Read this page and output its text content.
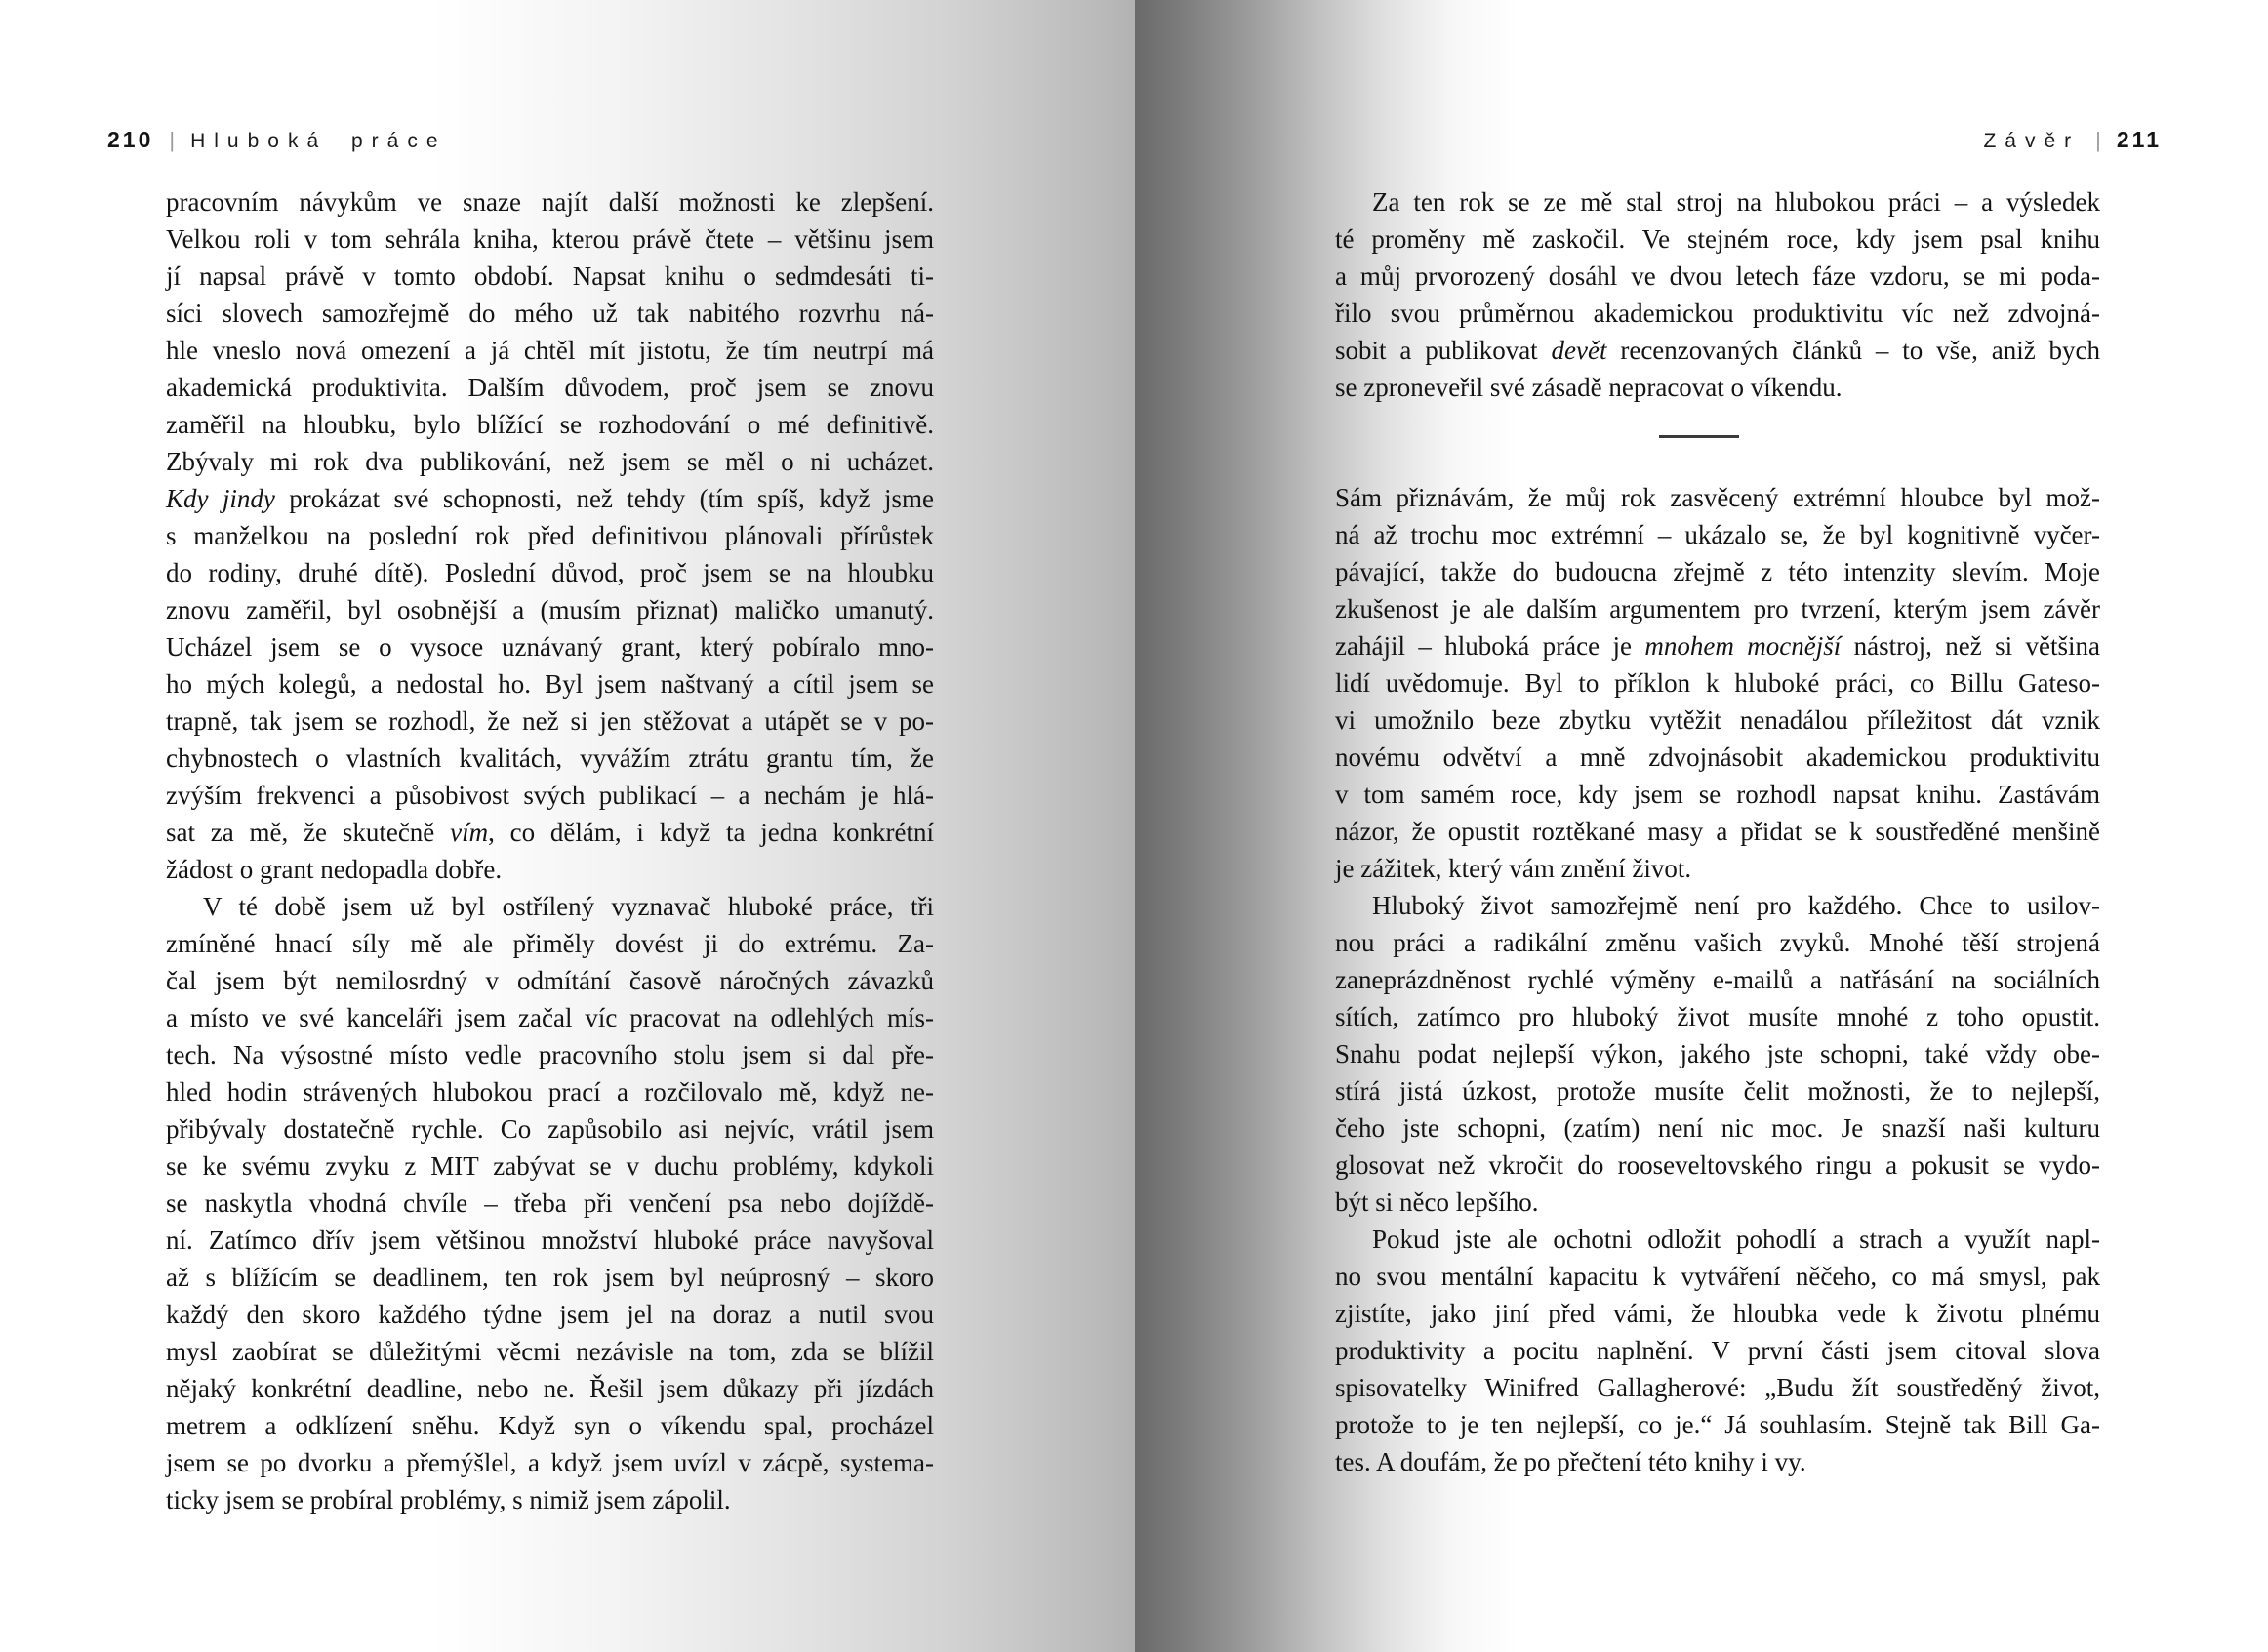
210 | Hluboká práce	Závěr | 211
pracovním návykům ve snaze najít další možnosti ke zlepšení.
Velkou roli v tom sehrála kniha, kterou právě čtete – většinu jsem
jí napsal právě v tomto období. Napsat knihu o sedmdesáti ti-
síci slovech samozřejmě do mého už tak nabitého rozvrhu ná-
hle vneslo nová omezení a já chtěl mít jistotu, že tím neutrpí má
akademická produktivita. Dalším důvodem, proč jsem se znovu
zaměřil na hloubku, bylo blížící se rozhodování o mé definitivě.
Zbývaly mi rok dva publikování, než jsem se měl o ni ucházet.
Kdy jindy prokázat své schopnosti, než tehdy (tím spíš, když jsme
s manželkou na poslední rok před definitivou plánovali přírůstek
do rodiny, druhé dítě). Poslední důvod, proč jsem se na hloubku
znovu zaměřil, byl osobnější a (musím přiznat) maličko umanutý.
Ucházel jsem se o vysoce uznávaný grant, který pobíralo mno-
ho mých kolegů, a nedostal ho. Byl jsem naštvaný a cítil jsem se
trapně, tak jsem se rozhodl, že než si jen stěžovat a utápět se v po-
chybnostech o vlastních kvalitách, vyvážím ztrátu grantu tím, že
zvýším frekvenci a působivost svých publikací – a nechám je hlá-
sat za mě, že skutečně vím, co dělám, i když ta jedna konkrétní
žádost o grant nedopadla dobře.
V té době jsem už byl ostřílený vyznavač hluboké práce, tři
zmíněné hnací síly mě ale přiměly dovést ji do extrému. Za-
čal jsem být nemilosrdný v odmítání časově náročných závazků
a místo ve své kanceláři jsem začal víc pracovat na odlehlých mís-
tech. Na výsostné místo vedle pracovního stolu jsem si dal pře-
hled hodin strávených hlubokou prací a rozčilovalo mě, když ne-
přibývaly dostatečně rychle. Co zapůsobilo asi nejvíc, vrátil jsem
se ke svému zvyku z MIT zabývat se v duchu problémy, kdykoli
se naskytla vhodná chvíle – třeba při venčení psa nebo dojíždě-
ní. Zatímco dřív jsem většinou množství hluboké práce navyšoval
až s blížícím se deadlinem, ten rok jsem byl neúprosný – skoro
každý den skoro každého týdne jsem jel na doraz a nutil svou
mysl zaobírat se důležitými věcmi nezávisle na tom, zda se blížil
nějaký konkrétní deadline, nebo ne. Řešil jsem důkazy při jízdách
metrem a odklízení sněhu. Když syn o víkendu spal, procházel
jsem se po dvorku a přemýšlel, a když jsem uvízl v zácpě, systema-
ticky jsem se probíral problémy, s nimiž jsem zápolil.
Za ten rok se ze mě stal stroj na hlubokou práci – a výsledek
té proměny mě zaskočil. Ve stejném roce, kdy jsem psal knihu
a můj prvorozený dosáhl ve dvou letech fáze vzdoru, se mi poda-
řilo svou průměrnou akademickou produktivitu víc než zdvojná-
sobit a publikovat devět recenzovaných článků – to vše, aniž bych
se zproneveřil své zásadě nepracovat o víkendu.
Sám přiznávám, že můj rok zasvěcený extrémní hloubce byl mož-
ná až trochu moc extrémní – ukázalo se, že byl kognitivně vyčer-
pávající, takže do budoucna zřejmě z této intenzity slevím. Moje
zkušenost je ale dalším argumentem pro tvrzení, kterým jsem závěr
zahájil – hluboká práce je mnohem mocnější nástroj, než si většina
lidí uvědomuje. Byl to příklon k hluboké práci, co Billu Gateso-
vi umožnilo beze zbytku vytěžit nenadálou příležitost dát vznik
novému odvětví a mně zdvojnásobit akademickou produktivitu
v tom samém roce, kdy jsem se rozhodl napsat knihu. Zastávám
názor, že opustit roztěkané masy a přidat se k soustředěné menšině
je zážitek, který vám změní život.
Hluboký život samozřejmě není pro každého. Chce to usilov-
nou práci a radikální změnu vašich zvyků. Mnohé těší strojená
zaneprázdněnost rychlé výměny e-mailů a natřásání na sociálních
sítích, zatímco pro hluboký život musíte mnohé z toho opustit.
Snahu podat nejlepší výkon, jakého jste schopni, také vždy obe-
stírá jistá úzkost, protože musíte čelit možnosti, že to nejlepší,
čeho jste schopni, (zatím) není nic moc. Je snazší naši kulturu
glosovat než vkročit do rooseveltovského ringu a pokusit se vydo-
být si něco lepšího.
Pokud jste ale ochotni odložit pohodlí a strach a využít napl-
no svou mentální kapacitu k vytváření něčeho, co má smysl, pak
zjistíte, jako jiní před vámi, že hloubka vede k životu plnému
produktivity a pocitu naplnění. V první části jsem citoval slova
spisovatelky Winifred Gallagherové: „Budu žít soustředěný život,
protože to je ten nejlepší, co je.“ Já souhlasím. Stejně tak Bill Ga-
tes. A doufám, že po přečtení této knihy i vy.
